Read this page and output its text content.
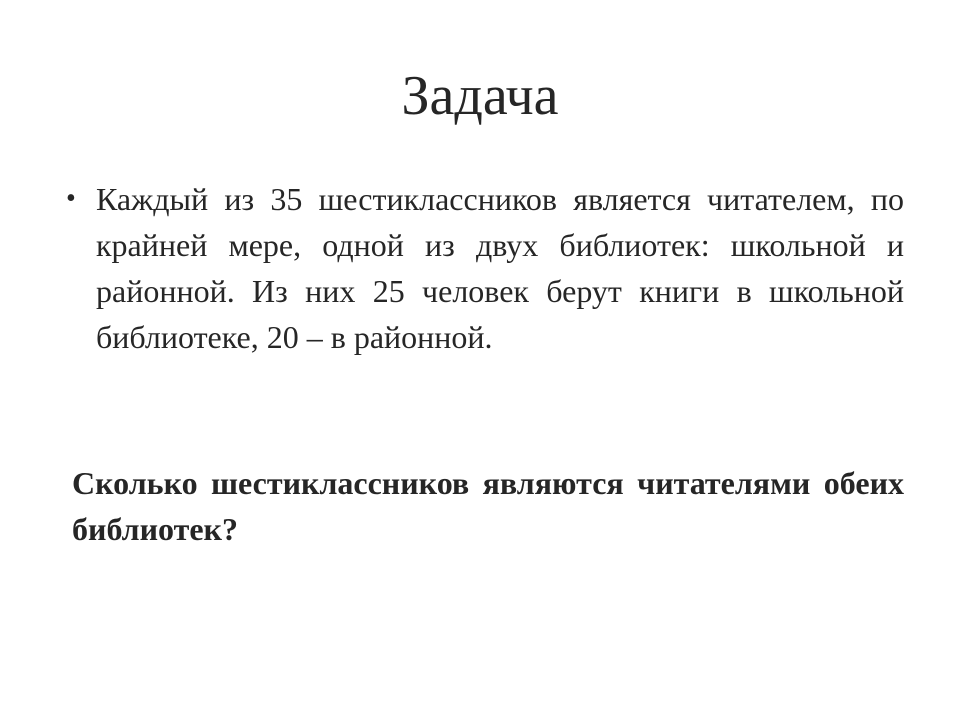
Задача
• Каждый из 35 шестиклассников является читателем, по крайней мере, одной из двух библиотек: школьной и районной. Из них 25 человек берут книги в школьной библиотеке, 20 – в районной.

Сколько шестиклассников являются читателями обеих библиотек?
